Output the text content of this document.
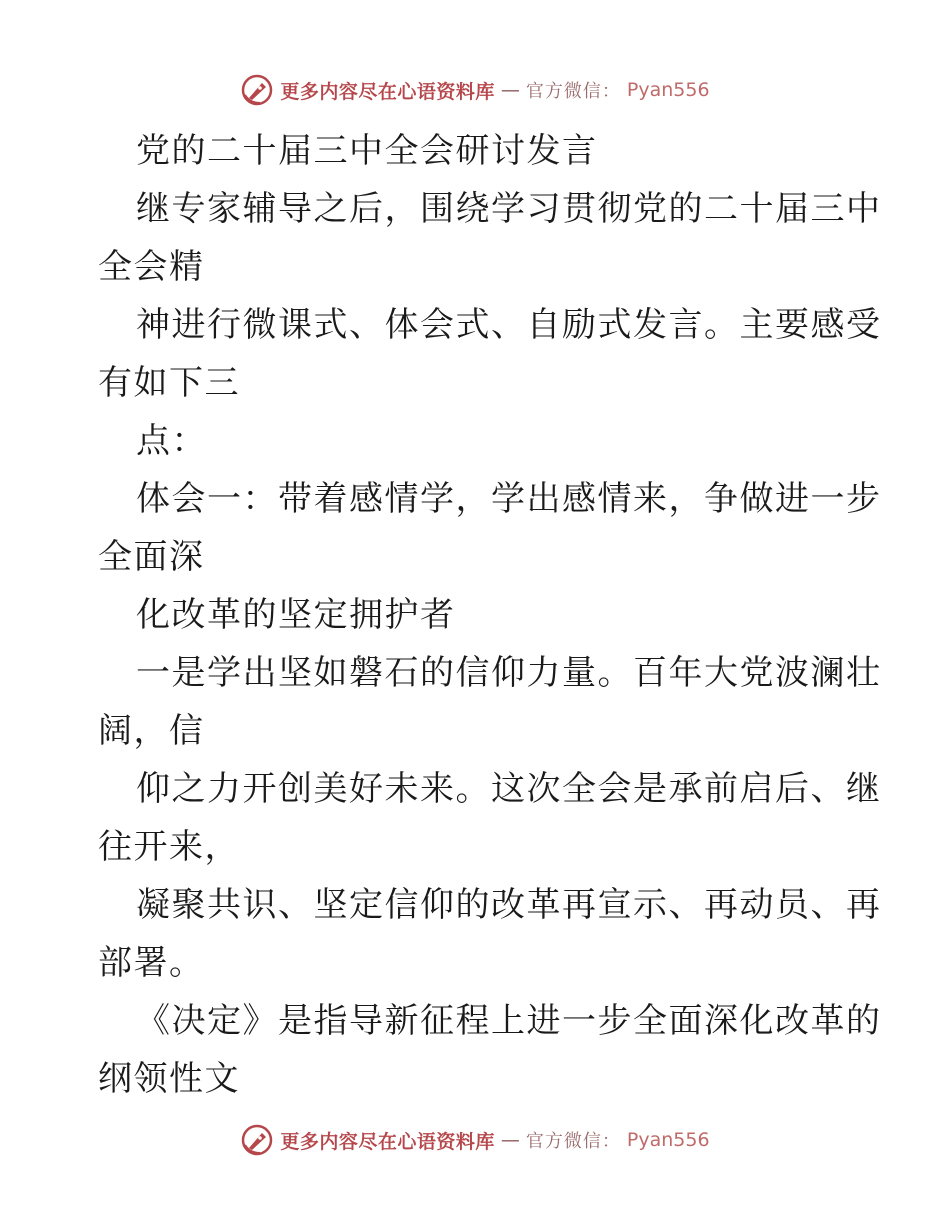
更多内容尽在心语资料库 — 官方微信： Pyan556
党的二十届三中全会研讨发言
继专家辅导之后，围绕学习贯彻党的二十届三中
全会精
神进行微课式、体会式、自励式发言。主要感受
有如下三
点：
体会一：带着感情学，学出感情来，争做进一步
全面深
化改革的坚定拥护者
一是学出坚如磐石的信仰力量。百年大党波澜壮
阔，信
仰之力开创美好未来。这次全会是承前启后、继
往开来，
凝聚共识、坚定信仰的改革再宣示、再动员、再
部署。
《决定》是指导新征程上进一步全面深化改革的
纲领性文
更多内容尽在心语资料库 — 官方微信： Pyan556
